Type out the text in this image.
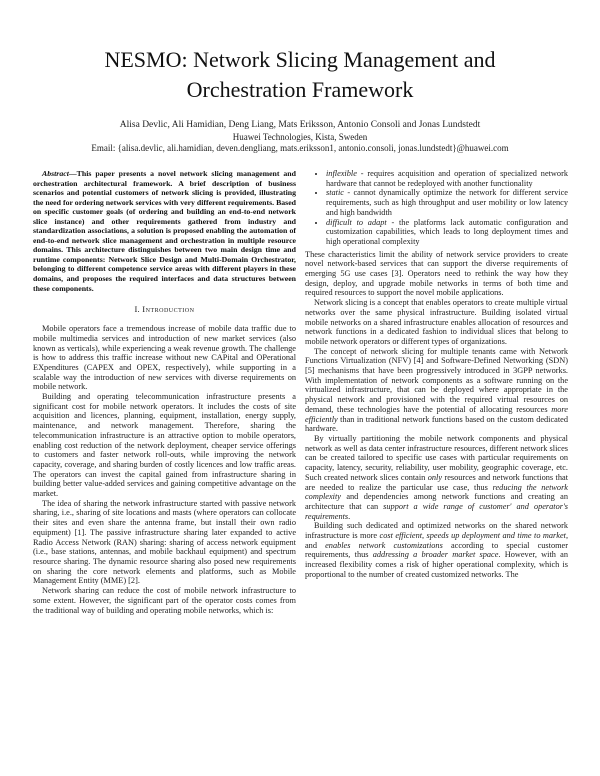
NESMO: Network Slicing Management and
Orchestration Framework
Alisa Devlic, Ali Hamidian, Deng Liang, Mats Eriksson, Antonio Consoli and Jonas Lundstedt
Huawei Technologies, Kista, Sweden
Email: {alisa.devlic, ali.hamidian, deven.dengliang, mats.eriksson1, antonio.consoli, jonas.lundstedt}@huawei.com

Abstract—This paper presents a novel network slicing management and orchestration architectural framework. A brief description of business scenarios and potential customers of network slicing is provided, illustrating the need for ordering network services with very different requirements. Based on specific customer goals (of ordering and building an end-to-end network slice instance) and other requirements gathered from industry and standardization associations, a solution is proposed enabling the automation of end-to-end network slice management and orchestration in multiple resource domains. This architecture distinguishes between two main design time and runtime components: Network Slice Design and Multi-Domain Orchestrator, belonging to different competence service areas with different players in these domains, and proposes the required interfaces and data structures between these components.

I. Introduction

Mobile operators face a tremendous increase of mobile data traffic due to mobile multimedia services and introduction of new market services (also known as verticals), while experiencing a weak revenue growth. The challenge is how to address this traffic increase without new CAPital and OPerational EXpenditures (CAPEX and OPEX, respectively), while supporting in a scalable way the introduction of new services with diverse requirements on mobile network.

Building and operating telecommunication infrastructure presents a significant cost for mobile network operators. It includes the costs of site acquisition and licences, planning, equipment, installation, energy supply, maintenance, and network management. Therefore, sharing the telecommunication infrastructure is an attractive option to mobile operators, enabling cost reduction of the network deployment, cheaper service offerings to customers and faster network roll-outs, while improving the network capacity, coverage, and sharing burden of costly licences and low traffic areas. The operators can invest the capital gained from infrastructure sharing in building better value-added services and gaining competitive advantage on the market.

The idea of sharing the network infrastructure started with passive network sharing, i.e., sharing of site locations and masts (where operators can collocate their sites and even share the antenna frame, but install their own radio equipment) [1]. The passive infrastructure sharing later expanded to active Radio Access Network (RAN) sharing: sharing of access network equipment (i.e., base stations, antennas, and mobile backhaul equipment) and spectrum resource sharing. The dynamic resource sharing also posed new requirements on sharing the core network elements and platforms, such as Mobile Management Entity (MME) [2].

Network sharing can reduce the cost of mobile network infrastructure to some extent. However, the significant part of the operator costs comes from the traditional way of building and operating mobile networks, which is:

• inflexible - requires acquisition and operation of specialized network hardware that cannot be redeployed with another functionality
• static - cannot dynamically optimize the network for different service requirements, such as high throughput and user mobility or low latency and high bandwidth
• difficult to adapt - the platforms lack automatic configuration and customization capabilities, which leads to long deployment times and high operational complexity

These characteristics limit the ability of network service providers to create novel network-based services that can support the diverse requirements of emerging 5G use cases [3]. Operators need to rethink the way how they design, deploy, and upgrade mobile networks in terms of both time and required resources to support the novel mobile applications.

Network slicing is a concept that enables operators to create multiple virtual networks over the same physical infrastructure. Building isolated virtual mobile networks on a shared infrastructure enables allocation of resources and network functions in a dedicated fashion to individual slices that belong to mobile network operators or different types of organizations.

The concept of network slicing for multiple tenants came with Network Functions Virtualization (NFV) [4] and Software-Defined Networking (SDN) [5] mechanisms that have been progressively introduced in 3GPP networks. With implementation of network components as a software running on the virtualized infrastructure, that can be deployed where appropriate in the physical network and provisioned with the required virtual resources on demand, these technologies have the potential of allocating resources more efficiently than in traditional network functions based on the custom dedicated hardware.

By virtually partitioning the mobile network components and physical network as well as data center infrastructure resources, different network slices can be created tailored to specific use cases with particular requirements on capacity, latency, security, reliability, user mobility, geographic coverage, etc. Such created network slices contain only resources and network functions that are needed to realize the particular use case, thus reducing the network complexity and dependencies among network functions and creating an architecture that can support a wide range of customer' and operator's requirements.

Building such dedicated and optimized networks on the shared network infrastructure is more cost efficient, speeds up deployment and time to market, and enables network customizations according to special customer requirements, thus addressing a broader market space. However, with an increased flexibility comes a risk of higher operational complexity, which is proportional to the number of created customized networks. The
